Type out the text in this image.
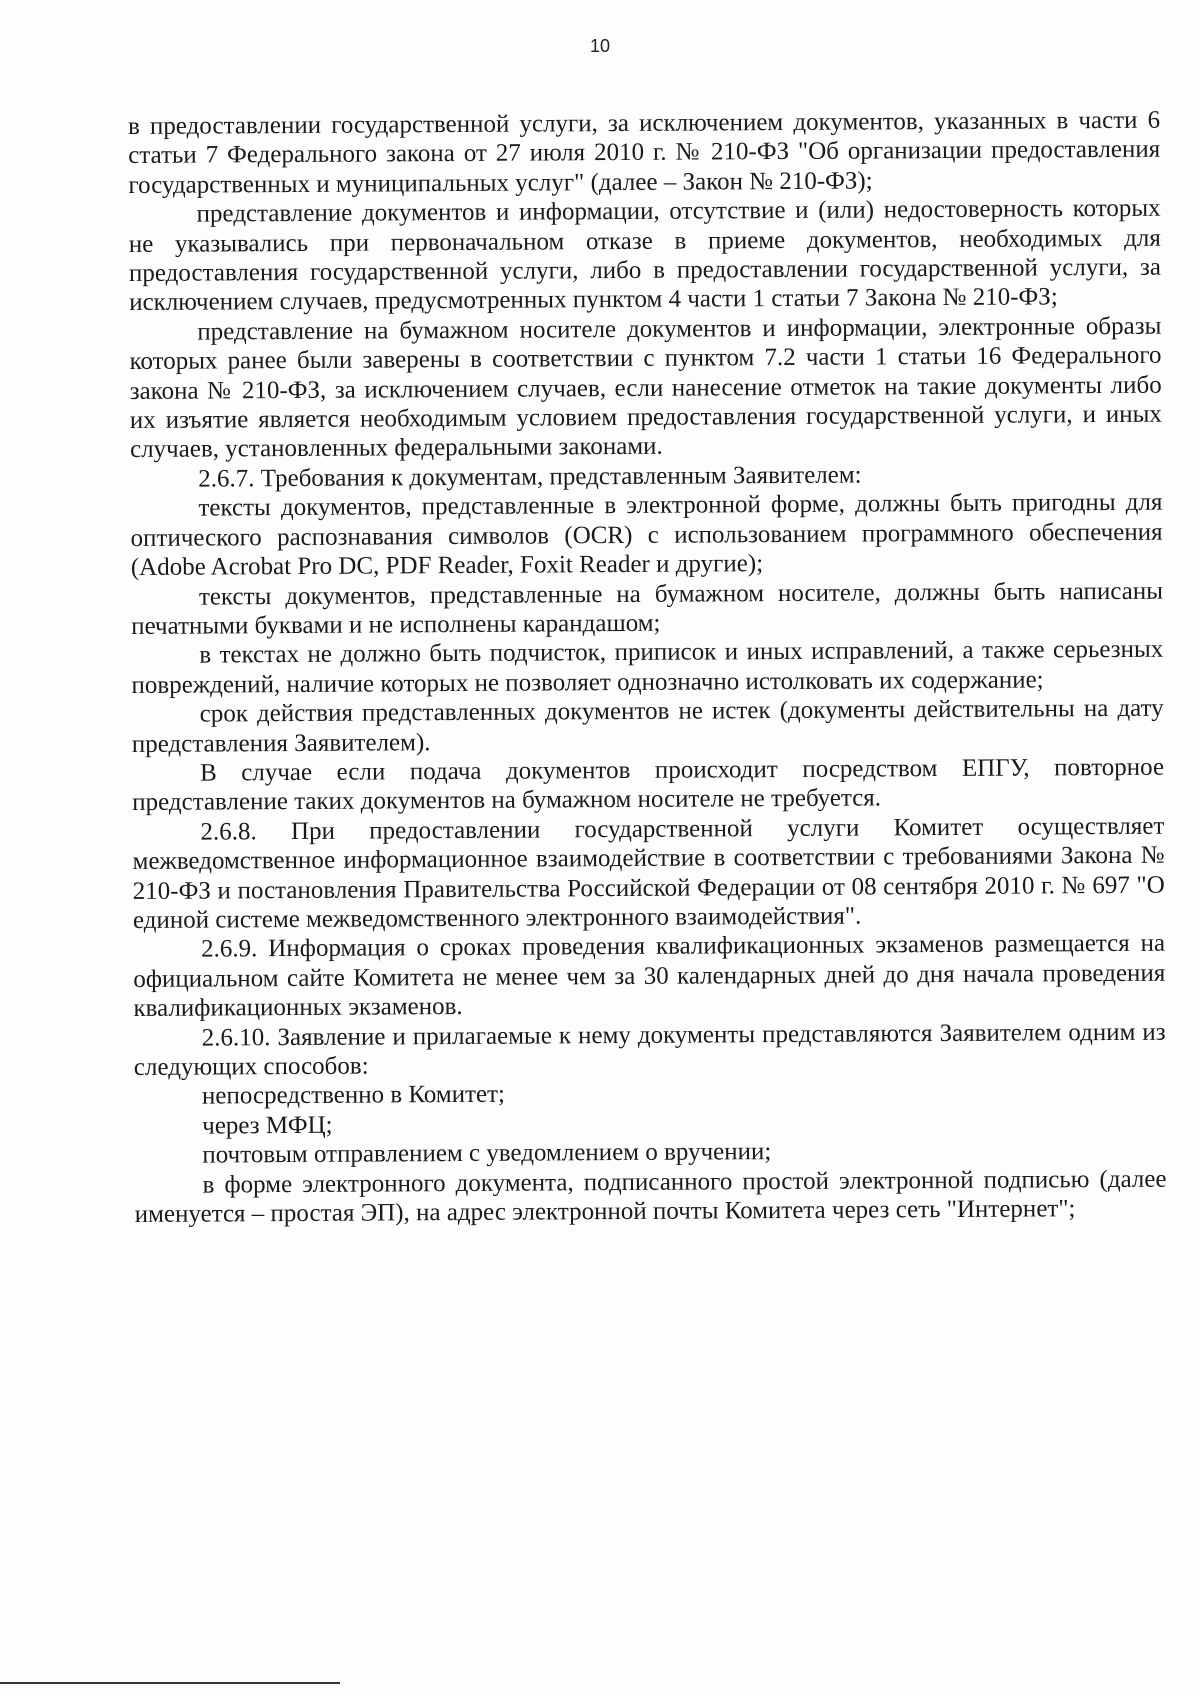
10

в предоставлении государственной услуги, за исключением документов, указанных в части 6 статьи 7 Федерального закона от 27 июля 2010 г. № 210-ФЗ "Об организации предоставления государственных и муниципальных услуг" (далее – Закон № 210-ФЗ);

представление документов и информации, отсутствие и (или) недостоверность которых не указывались при первоначальном отказе в приеме документов, необходимых для предоставления государственной услуги, либо в предоставлении государственной услуги, за исключением случаев, предусмотренных пунктом 4 части 1 статьи 7 Закона № 210-ФЗ;

представление на бумажном носителе документов и информации, электронные образы которых ранее были заверены в соответствии с пунктом 7.2 части 1 статьи 16 Федерального закона № 210-ФЗ, за исключением случаев, если нанесение отметок на такие документы либо их изъятие является необходимым условием предоставления государственной услуги, и иных случаев, установленных федеральными законами.

2.6.7. Требования к документам, представленным Заявителем:

тексты документов, представленные в электронной форме, должны быть пригодны для оптического распознавания символов (OCR) с использованием программного обеспечения (Adobe Acrobat Pro DC, PDF Reader, Foxit Reader и другие);

тексты документов, представленные на бумажном носителе, должны быть написаны печатными буквами и не исполнены карандашом;

в текстах не должно быть подчисток, приписок и иных исправлений, а также серьезных повреждений, наличие которых не позволяет однозначно истолковать их содержание;

срок действия представленных документов не истек (документы действительны на дату представления Заявителем).

В случае если подача документов происходит посредством ЕПГУ, повторное представление таких документов на бумажном носителе не требуется.

2.6.8. При предоставлении государственной услуги Комитет осуществляет межведомственное информационное взаимодействие в соответствии с требованиями Закона № 210-ФЗ и постановления Правительства Российской Федерации от 08 сентября 2010 г. № 697 "О единой системе межведомственного электронного взаимодействия".

2.6.9. Информация о сроках проведения квалификационных экзаменов размещается на официальном сайте Комитета не менее чем за 30 календарных дней до дня начала проведения квалификационных экзаменов.

2.6.10. Заявление и прилагаемые к нему документы представляются Заявителем одним из следующих способов:

непосредственно в Комитет;

через МФЦ;

почтовым отправлением с уведомлением о вручении;

в форме электронного документа, подписанного простой электронной подписью (далее именуется – простая ЭП), на адрес электронной почты Комитета через сеть "Интернет";
